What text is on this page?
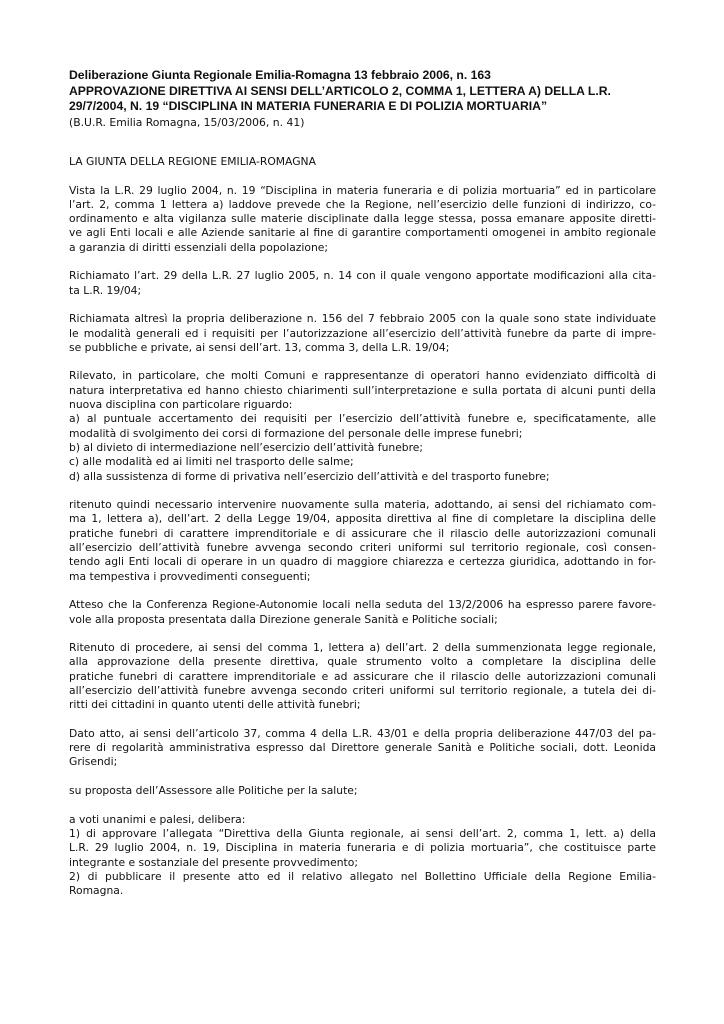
Deliberazione Giunta Regionale Emilia-Romagna 13 febbraio 2006, n. 163
APPROVAZIONE DIRETTIVA AI SENSI DELL’ARTICOLO 2, COMMA 1, LETTERA A) DELLA L.R.
29/7/2004, N. 19 “DISCIPLINA IN MATERIA FUNERARIA E DI POLIZIA MORTUARIA”
(B.U.R. Emilia Romagna, 15/03/2006, n. 41)
LA GIUNTA DELLA REGIONE EMILIA-ROMAGNA
Vista la L.R. 29 luglio 2004, n. 19 “Disciplina in materia funeraria e di polizia mortuaria” ed in particolare
l’art. 2, comma 1 lettera a) laddove prevede che la Regione, nell’esercizio delle funzioni di indirizzo, co-
ordinamento e alta vigilanza sulle materie disciplinate dalla legge stessa, possa emanare apposite diretti-
ve agli Enti locali e alle Aziende sanitarie al fine di garantire comportamenti omogenei in ambito regionale
a garanzia di diritti essenziali della popolazione;
Richiamato l’art. 29 della L.R. 27 luglio 2005, n. 14 con il quale vengono apportate modificazioni alla cita-
ta L.R. 19/04;
Richiamata altresì la propria deliberazione n. 156 del 7 febbraio 2005 con la quale sono state individuate
le modalità generali ed i requisiti per l’autorizzazione all’esercizio dell’attività funebre da parte di impre-
se pubbliche e private, ai sensi dell’art. 13, comma 3, della L.R. 19/04;
Rilevato, in particolare, che molti Comuni e rappresentanze di operatori hanno evidenziato difficoltà di
natura interpretativa ed hanno chiesto chiarimenti sull’interpretazione e sulla portata di alcuni punti della
nuova disciplina con particolare riguardo:
a) al puntuale accertamento dei requisiti per l’esercizio dell’attività funebre e, specificatamente, alle
modalità di svolgimento dei corsi di formazione del personale delle imprese funebri;
b) al divieto di intermediazione nell’esercizio dell’attività funebre;
c) alle modalità ed ai limiti nel trasporto delle salme;
d) alla sussistenza di forme di privativa nell’esercizio dell’attività e del trasporto funebre;
ritenuto quindi necessario intervenire nuovamente sulla materia, adottando, ai sensi del richiamato com-
ma 1, lettera a), dell’art. 2 della Legge 19/04, apposita direttiva al fine di completare la disciplina delle
pratiche funebri di carattere imprenditoriale e di assicurare che il rilascio delle autorizzazioni comunali
all’esercizio dell’attività funebre avvenga secondo criteri uniformi sul territorio regionale, così consen-
tendo agli Enti locali di operare in un quadro di maggiore chiarezza e certezza giuridica, adottando in for-
ma tempestiva i provvedimenti conseguenti;
Atteso che la Conferenza Regione-Autonomie locali nella seduta del 13/2/2006 ha espresso parere favore-
vole alla proposta presentata dalla Direzione generale Sanità e Politiche sociali;
Ritenuto di procedere, ai sensi del comma 1, lettera a) dell’art. 2 della summenzionata legge regionale,
alla approvazione della presente direttiva, quale strumento volto a completare la disciplina delle
pratiche funebri di carattere imprenditoriale e ad assicurare che il rilascio delle autorizzazioni comunali
all’esercizio dell’attività funebre avvenga secondo criteri uniformi sul territorio regionale, a tutela dei di-
ritti dei cittadini in quanto utenti delle attività funebri;
Dato atto, ai sensi dell’articolo 37, comma 4 della L.R. 43/01 e della propria deliberazione 447/03 del pa-
rere di regolarità amministrativa espresso dal Direttore generale Sanità e Politiche sociali, dott. Leonida
Grisendi;
su proposta dell’Assessore alle Politiche per la salute;
a voti unanimi e palesi, delibera:
1) di approvare l’allegata “Direttiva della Giunta regionale, ai sensi dell’art. 2, comma 1, lett. a) della
L.R. 29 luglio 2004, n. 19, Disciplina in materia funeraria e di polizia mortuaria”, che costituisce parte
integrante e sostanziale del presente provvedimento;
2) di pubblicare il presente atto ed il relativo allegato nel Bollettino Ufficiale della Regione Emilia-
Romagna.
